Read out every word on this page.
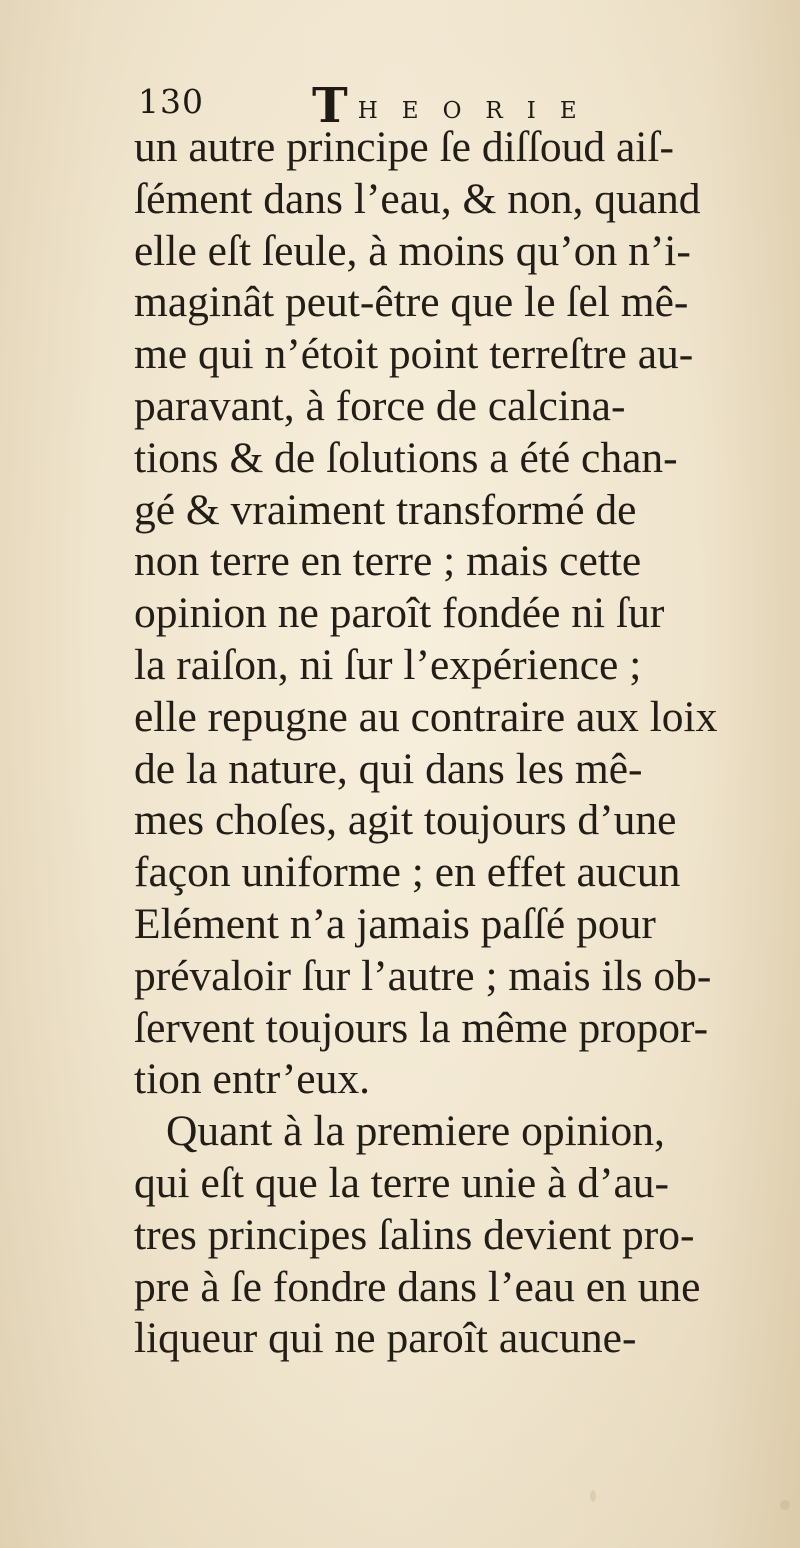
130 THEORIE
un autre principe ſe diſſoud aiſ-
ſément dans l’eau, & non, quand
elle eſt ſeule, à moins qu’on n’i-
maginât peut-être que le ſel mê-
me qui n’étoit point terreſtre au-
paravant, à force de calcina-
tions & de ſolutions a été chan-
gé & vraiment transformé de
non terre en terre ; mais cette
opinion ne paroît fondée ni ſur
la raiſon, ni ſur l’expérience ;
elle repugne au contraire aux loix
de la nature, qui dans les mê-
mes choſes, agit toujours d’une
façon uniforme ; en effet aucun
Elément n’a jamais paſſé pour
prévaloir ſur l’autre ; mais ils ob-
ſervent toujours la même propor-
tion entr’eux.
Quant à la premiere opinion,
qui eſt que la terre unie à d’au-
tres principes ſalins devient pro-
pre à ſe fondre dans l’eau en une
liqueur qui ne paroît aucune-
